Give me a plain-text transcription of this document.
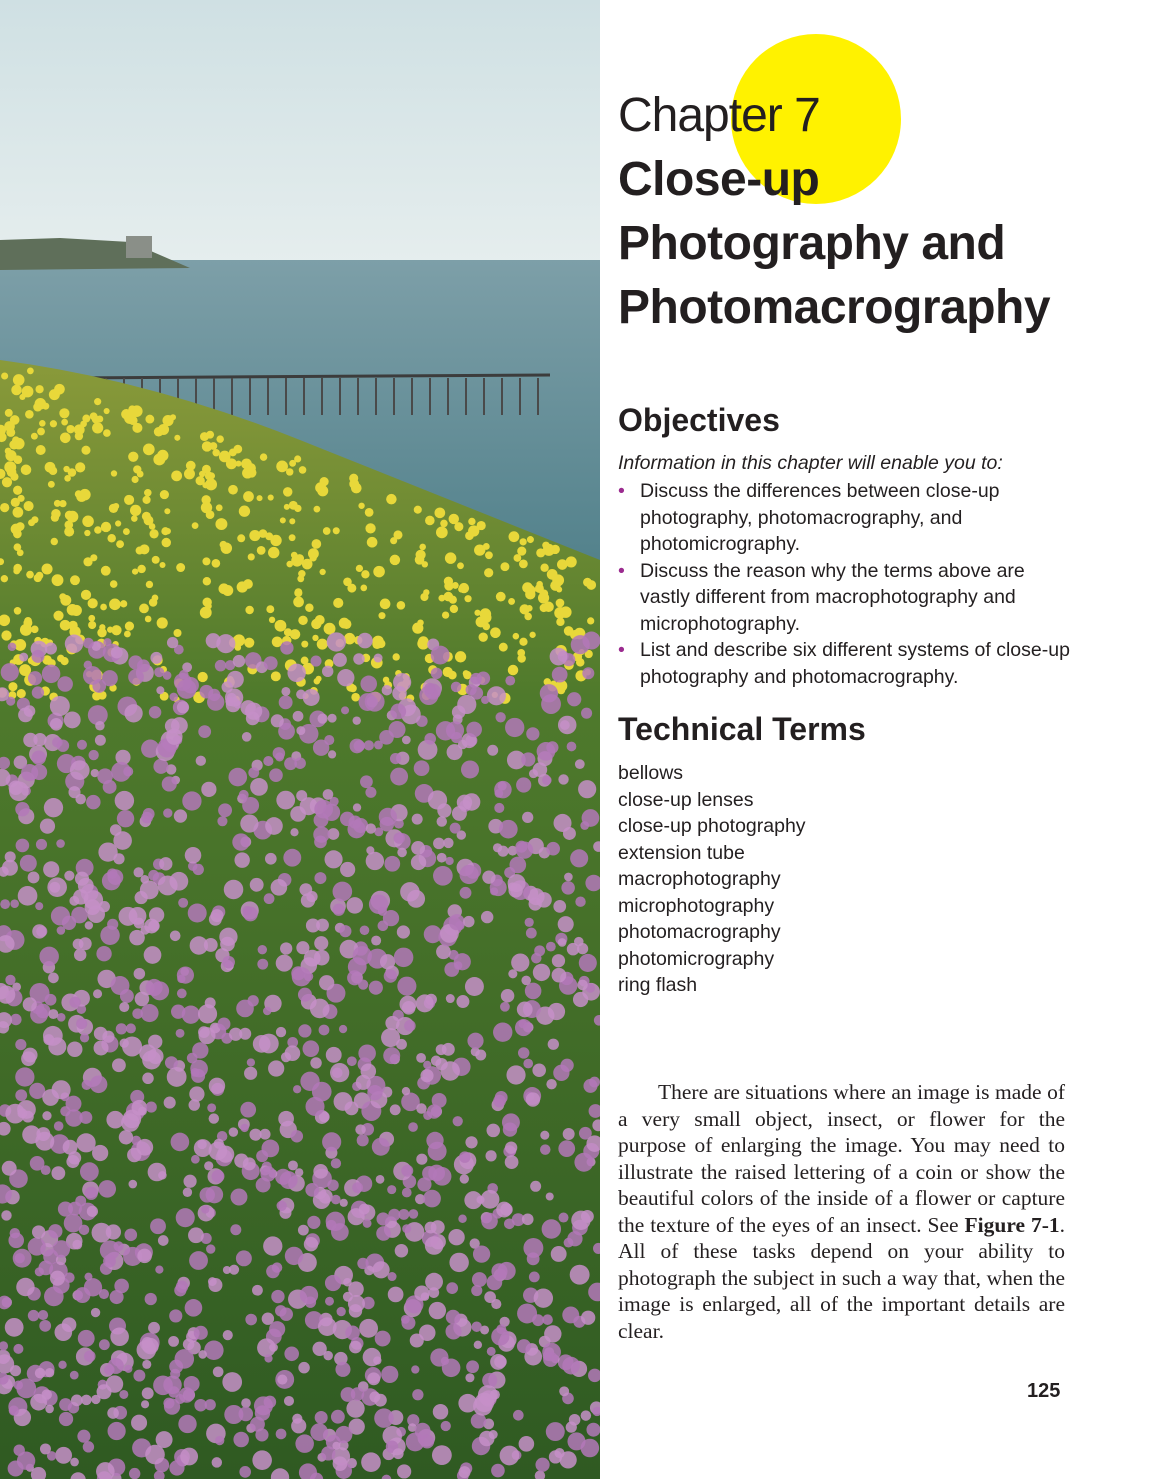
Chapter 7
Close-up
Photography and
Photomacrography
Objectives
Information in this chapter will enable you to:
• Discuss the differences between close-up photography, photomacrography, and photomicrography.
• Discuss the reason why the terms above are vastly different from macrophotography and microphotography.
• List and describe six different systems of close-up photography and photomacrography.
Technical Terms
bellows
close-up lenses
close-up photography
extension tube
macrophotography
microphotography
photomacrography
photomicrography
ring flash
There are situations where an image is made of a very small object, insect, or flower for the purpose of enlarging the image. You may need to illustrate the raised lettering of a coin or show the beautiful colors of the inside of a flower or capture the texture of the eyes of an insect. See Figure 7-1. All of these tasks depend on your ability to photograph the subject in such a way that, when the image is enlarged, all of the important details are clear.
125
